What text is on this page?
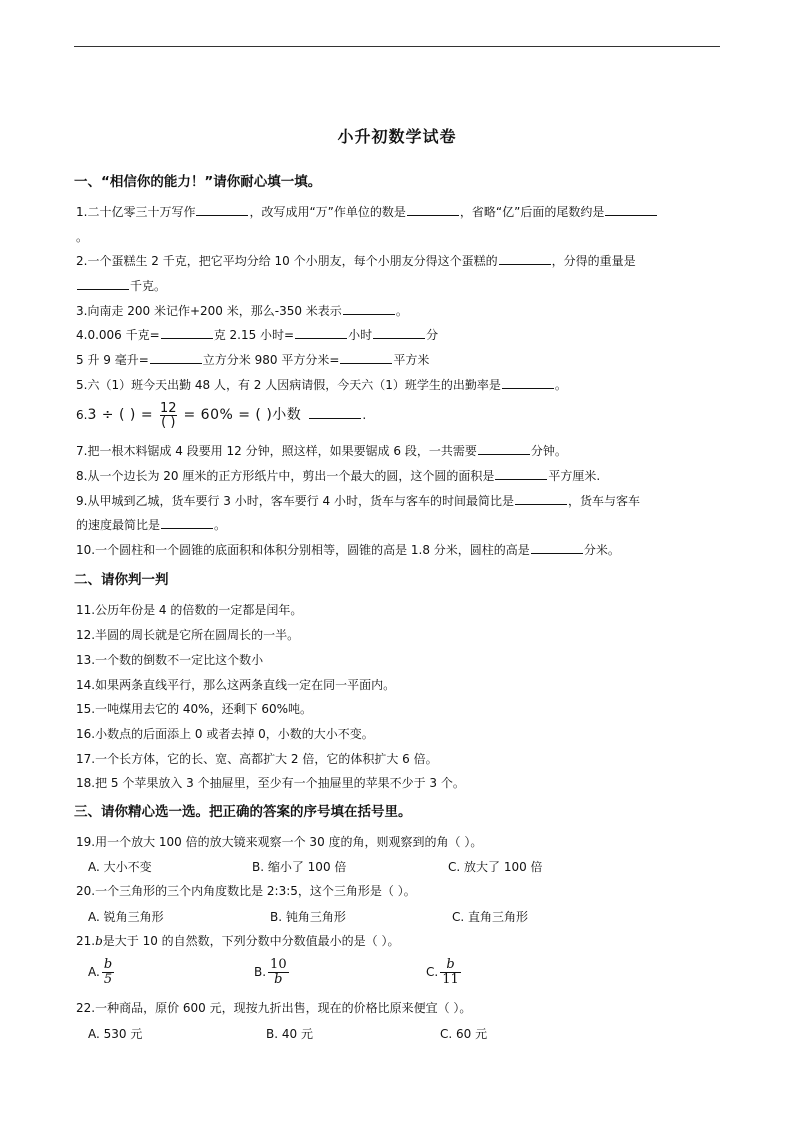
小升初数学试卷
一、“相信你的能力！”请你耐心填一填。
1.二十亿零三十万写作	，改写成用“万”作单位的数是	，省略“亿”后面的尾数约是
。
2.一个蛋糕生 2 千克，把它平均分给 10 个小朋友，每个小朋友分得这个蛋糕的	，分得的重量是
千克。
3.向南走 200 米记作+200 米，那么-350 米表示	。
4.0.006 千克=	克 2.15 小时=	小时	分
5 升 9 毫升=	立方分米 980 平方分米=	平方米
5.六（1）班今天出勤 48 人，有 2 人因病请假，今天六（1）班学生的出勤率是	。
6.3 ÷ ( ) = 12
( ) = 60% = ( )小数	.
7.把一根木料锯成 4 段要用 12 分钟，照这样，如果要锯成 6 段，一共需要	分钟。
8.从一个边长为 20 厘米的正方形纸片中，剪出一个最大的圆，这个圆的面积是	平方厘米.
9.从甲城到乙城，货车要行 3 小时，客车要行 4 小时，货车与客车的时间最简比是	，货车与客车
的速度最简比是	。
10.一个圆柱和一个圆锥的底面积和体积分别相等，圆锥的高是 1.8 分米，圆柱的高是	分米。
二、请你判一判
11.公历年份是 4 的倍数的一定都是闰年。
12.半圆的周长就是它所在圆周长的一半。
13.一个数的倒数不一定比这个数小
14.如果两条直线平行，那么这两条直线一定在同一平面内。
15.一吨煤用去它的 40%，还剩下 60%吨。
16.小数点的后面添上 0 或者去掉 0，小数的大小不变。
17.一个长方体，它的长、宽、高都扩大 2 倍，它的体积扩大 6 倍。
18.把 5 个苹果放入 3 个抽屉里，至少有一个抽屉里的苹果不少于 3 个。
三、请你精心选一选。把正确的答案的序号填在括号里。
19.用一个放大 100 倍的放大镜来观察一个 30 度的角，则观察到的角（ ）。
A. 大小不变	B. 缩小了 100 倍	C. 放大了 100 倍
20.一个三角形的三个内角度数比是 2:3:5，这个三角形是（ ）。
A. 锐角三角形	B. 钝角三角形	C. 直角三角形
21.b是大于 10 的自然数，下列分数中分数值最小的是（ ）。
A. $\frac{b}{5}$	B. $\frac{10}{b}$	C. $\frac{b}{11}$
22.一种商品，原价 600 元，现按九折出售，现在的价格比原来便宜（ ）。
A. 530 元	B. 40 元	C. 60 元
